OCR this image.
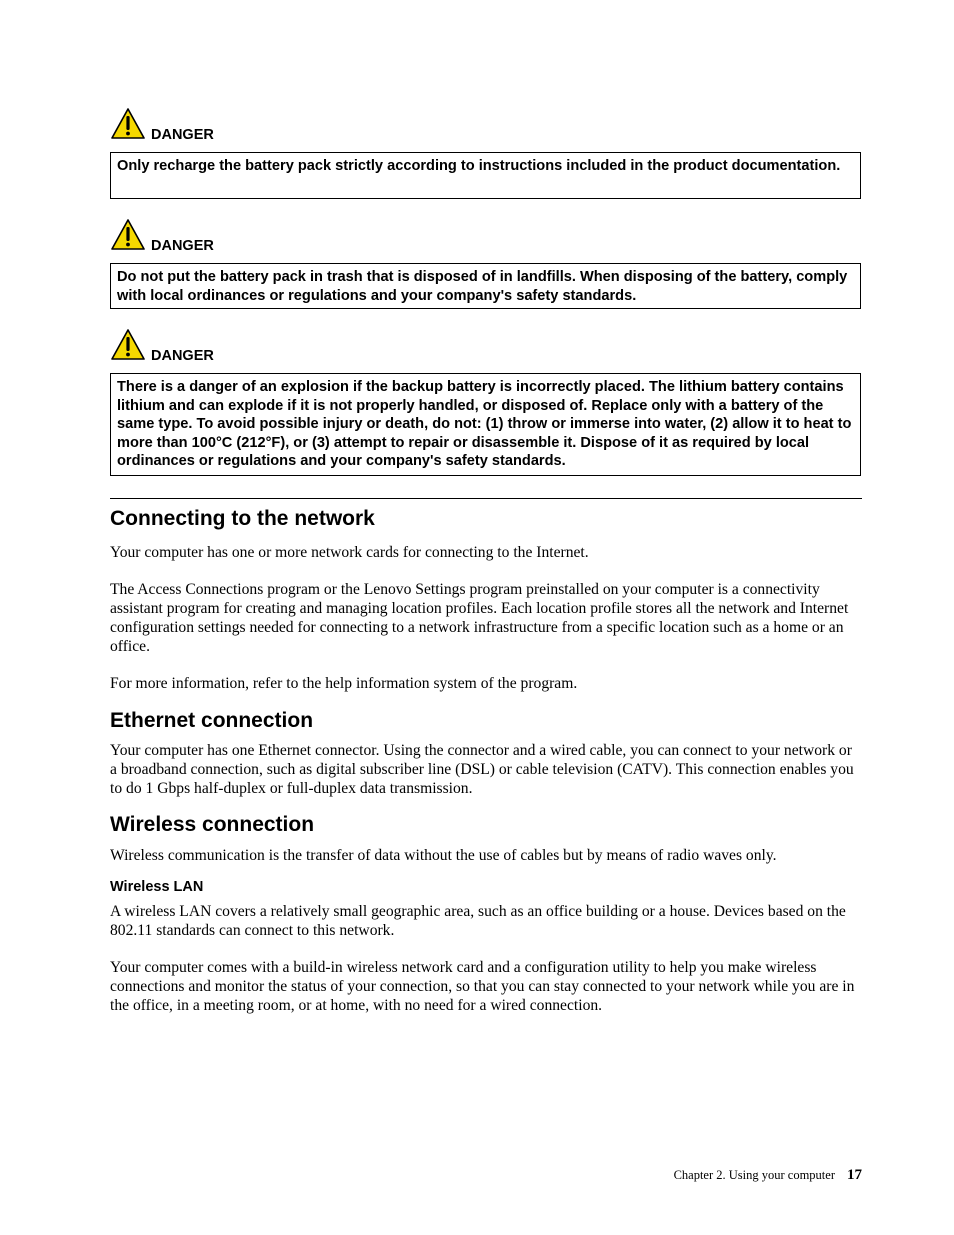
DANGER
Only recharge the battery pack strictly according to instructions included in the product documentation.
DANGER
Do not put the battery pack in trash that is disposed of in landfills. When disposing of the battery, comply with local ordinances or regulations and your company's safety standards.
DANGER
There is a danger of an explosion if the backup battery is incorrectly placed. The lithium battery contains lithium and can explode if it is not properly handled, or disposed of. Replace only with a battery of the same type. To avoid possible injury or death, do not: (1) throw or immerse into water, (2) allow it to heat to more than 100°C (212°F), or (3) attempt to repair or disassemble it. Dispose of it as required by local ordinances or regulations and your company's safety standards.
Connecting to the network

Your computer has one or more network cards for connecting to the Internet.

The Access Connections program or the Lenovo Settings program preinstalled on your computer is a connectivity assistant program for creating and managing location profiles. Each location profile stores all the network and Internet configuration settings needed for connecting to a network infrastructure from a specific location such as a home or an office.

For more information, refer to the help information system of the program.

Ethernet connection

Your computer has one Ethernet connector. Using the connector and a wired cable, you can connect to your network or a broadband connection, such as digital subscriber line (DSL) or cable television (CATV). This connection enables you to do 1 Gbps half-duplex or full-duplex data transmission.

Wireless connection

Wireless communication is the transfer of data without the use of cables but by means of radio waves only.

Wireless LAN

A wireless LAN covers a relatively small geographic area, such as an office building or a house. Devices based on the 802.11 standards can connect to this network.

Your computer comes with a build-in wireless network card and a configuration utility to help you make wireless connections and monitor the status of your connection, so that you can stay connected to your network while you are in the office, in a meeting room, or at home, with no need for a wired connection.

Chapter 2. Using your computer 17
